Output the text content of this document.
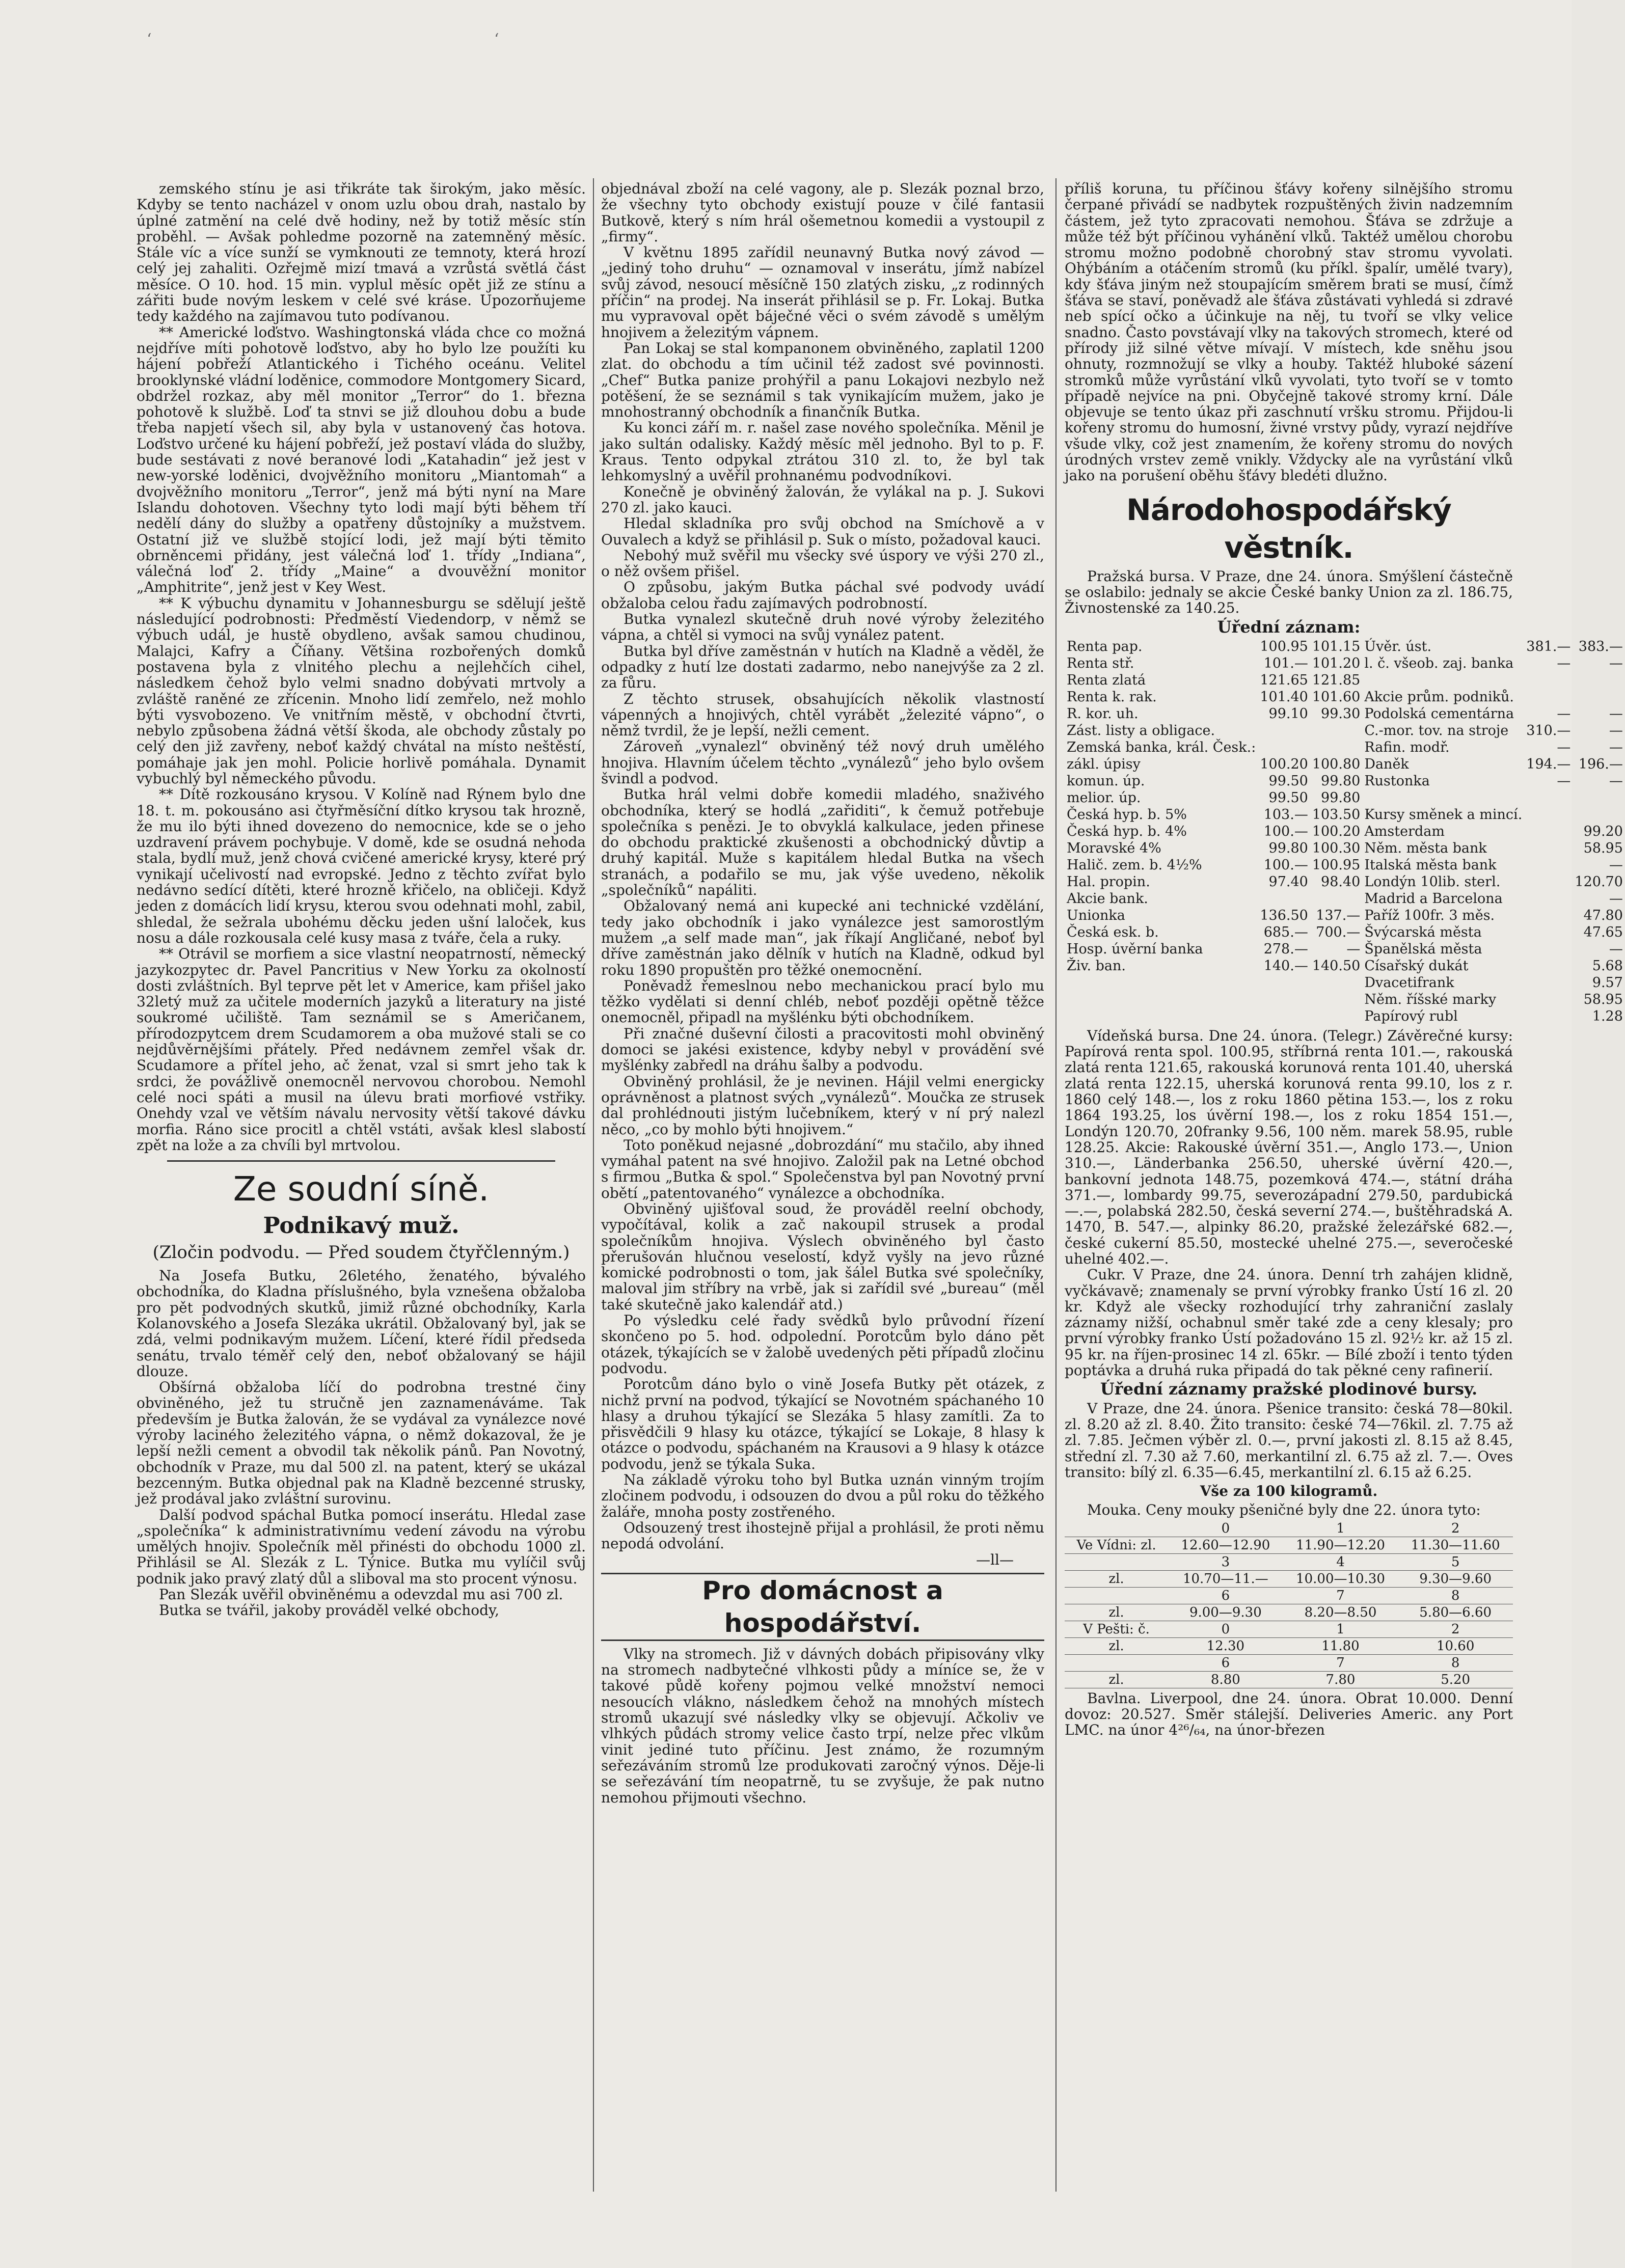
ʻ	ʻ

zemského stínu je asi třikráte tak širokým, jako měsíc. Kdyby se tento nacházel v onom uzlu obou drah, nastalo by úplné zatmění na celé dvě hodiny, než by totiž měsíc stín proběhl. — Avšak pohledme pozorně na zatemněný měsíc. Stále víc a více sunží se vymknouti ze temnoty, která hrozí celý jej zahaliti. Ozřejmě mizí tmavá a vzrůstá světlá část měsíce. O 10. hod. 15 min. vyplul měsíc opět již ze stínu a zářiti bude novým leskem v celé své kráse. Upozorňujeme tedy každého na zajímavou tuto podívanou.

** Americké loďstvo. Washingtonská vláda chce co možná nejdříve míti pohotově loďstvo, aby ho bylo lze použíti ku hájení pobřeží Atlantického i Tichého oceánu. Velitel brooklynské vládní loděnice, commodore Montgomery Sicard, obdržel rozkaz, aby měl monitor „Terror“ do 1. března pohotově k službě. Loď ta stnvi se již dlouhou dobu a bude třeba napjetí všech sil, aby byla v ustanovený čas hotova. Loďstvo určené ku hájení pobřeží, jež postaví vláda do služby, bude sestávati z nové beranové lodi „Katahadin“ jež jest v new-yorské loděnici, dvojvěžního monitoru „Miantomah“ a dvojvěžního monitoru „Terror“, jenž má býti nyní na Mare Islandu dohotoven. Všechny tyto lodi mají býti během tří nedělí dány do služby a opatřeny důstojníky a mužstvem. Ostatní již ve službě stojící lodi, jež mají býti těmito obrněncemi přidány, jest válečná loď 1. třídy „Indiana“, válečná loď 2. třídy „Maine“ a dvouvěžní monitor „Amphitrite“, jenž jest v Key West.

** K výbuchu dynamitu v Johannesburgu se sdělují ještě následující podrobnosti: Předměstí Viedendorp, v němž se výbuch udál, je hustě obydleno, avšak samou chudinou, Malajci, Kafry a Číňany. Většina rozbořených domků postavena byla z vlnitého plechu a nejlehčích cihel, následkem čehož bylo velmi snadno dobývati mrtvoly a zvláště raněné ze zřícenin. Mnoho lidí zemřelo, než mohlo býti vysvobozeno. Ve vnitřním městě, v obchodní čtvrti, nebylo způsobena žádná větší škoda, ale obchody zůstaly po celý den již zavřeny, neboť každý chvátal na místo neštěstí, pomáhaje jak jen mohl. Policie horlivě pomáhala. Dynamit vybuchlý byl německého původu.

** Dítě rozkousáno krysou. V Kolíně nad Rýnem bylo dne 18. t. m. pokousáno asi čtyřměsíční dítko krysou tak hrozně, že mu ilo býti ihned dovezeno do nemocnice, kde se o jeho uzdravení právem pochybuje. V domě, kde se osudná nehoda stala, bydlí muž, jenž chová cvičené americké krysy, které prý vynikají učelivostí nad evropské. Jedno z těchto zvířat bylo nedávno sedící dítěti, které hrozně křičelo, na obličeji. Když jeden z domácích lidí krysu, kterou svou odehnati mohl, zabil, shledal, že sežrala ubohému děcku jeden ušní laloček, kus nosu a dále rozkousala celé kusy masa z tváře, čela a ruky.

** Otrávil se morfiem a sice vlastní neopatrností, německý jazykozpytec dr. Pavel Pancritius v New Yorku za okolností dosti zvláštních. Byl teprve pět let v Americe, kam přišel jako 32letý muž za učitele moderních jazyků a literatury na jisté soukromé učiliště. Tam seznámil se s Američanem, přírodozpytcem drem Scudamorem a oba mužové stali se co nejdůvěrnějšími přátely. Před nedávnem zemřel však dr. Scudamore a přítel jeho, ač ženat, vzal si smrt jeho tak k srdci, že povážlivě onemocněl nervovou chorobou. Nemohl celé noci spáti a musil na úlevu brati morfiové vstřiky. Onehdy vzal ve větším návalu nervosity větší takové dávku morfia. Ráno sice procitl a chtěl vstáti, avšak klesl slabostí zpět na lože a za chvíli byl mrtvolou.

Ze soudní síně.
Podnikavý muž.
(Zločin podvodu. — Před soudem čtyřčlenným.)

Na Josefa Butku, 26letého, ženatého, bývalého obchodníka, do Kladna příslušného, byla vznešena obžaloba pro pět podvodných skutků, jimiž různé obchodníky, Karla Kolanovského a Josefa Slezáka ukrátil. Obžalovaný byl, jak se zdá, velmi podnikavým mužem. Líčení, které řídil předseda senátu, trvalo téměř celý den, neboť obžalovaný se hájil dlouze.

Obšírná obžaloba líčí do podrobna trestné činy obviněného, jež tu stručně jen zaznamenáváme. Tak především je Butka žalován, že se vydával za vynálezce nové výroby laciného železitého vápna, o němž dokazoval, že je lepší nežli cement a obvodil tak několik pánů. Pan Novotný, obchodník v Praze, mu dal 500 zl. na patent, který se ukázal bezcenným. Butka objednal pak na Kladně bezcenné strusky, jež prodával jako zvláštní surovinu.

Další podvod spáchal Butka pomocí inserátu. Hledal zase „společníka“ k administrativnímu vedení závodu na výrobu umělých hnojiv. Společník měl přinésti do obchodu 1000 zl. Přihlásil se Al. Slezák z L. Týnice. Butka mu vylíčil svůj podnik jako pravý zlatý důl a sliboval ma sto procent výnosu.

Pan Slezák uvěřil obviněnému a odevzdal mu asi 700 zl.

Butka se tvářil, jakoby prováděl velké obchody,

objednával zboží na celé vagony, ale p. Slezák poznal brzo, že všechny tyto obchody existují pouze v čilé fantasii Butkově, který s ním hrál ošemetnou komedii a vystoupil z „firmy“.

V květnu 1895 zařídil neunavný Butka nový závod — „jediný toho druhu“ — oznamoval v inserátu, jímž nabízel svůj závod, nesoucí měsíčně 150 zlatých zisku, „z rodinných příčin“ na prodej. Na inserát přihlásil se p. Fr. Lokaj. Butka mu vypravoval opět báječné věci o svém závodě s umělým hnojivem a železitým vápnem.

Pan Lokaj se stal kompanonem obviněného, zaplatil 1200 zlat. do obchodu a tím učinil též zadost své povinnosti. „Chef“ Butka panize prohýřil a panu Lokajovi nezbylo než potěšení, že se seznámil s tak vynikajícím mužem, jako je mnohostranný obchodník a finančník Butka.

Ku konci září m. r. našel zase nového společníka. Měnil je jako sultán odalisky. Každý měsíc měl jednoho. Byl to p. F. Kraus. Tento odpykal ztrátou 310 zl. to, že byl tak lehkomyslný a uvěřil prohnanému podvodníkovi.

Konečně je obviněný žalován, že vylákal na p. J. Sukovi 270 zl. jako kauci.

Hledal skladníka pro svůj obchod na Smíchově a v Ouvalech a když se přihlásil p. Suk o místo, požadoval kauci.

Nebohý muž svěřil mu všecky své úspory ve výši 270 zl., o něž ovšem přišel.

O způsobu, jakým Butka páchal své podvody uvádí obžaloba celou řadu zajímavých podrobností.

Butka vynalezl skutečně druh nové výroby železitého vápna, a chtěl si vymoci na svůj vynález patent.

Butka byl dříve zaměstnán v hutích na Kladně a věděl, že odpadky z hutí lze dostati zadarmo, nebo nanejvýše za 2 zl. za fůru.

Z těchto strusek, obsahujících několik vlastností vápenných a hnojivých, chtěl vyrábět „železité vápno“, o němž tvrdil, že je lepší, nežli cement.

Zároveň „vynalezl“ obviněný též nový druh umělého hnojiva. Hlavním účelem těchto „vynálezů“ jeho bylo ovšem švindl a podvod.

Butka hrál velmi dobře komedii mladého, snaživého obchodníka, který se hodlá „zařiditi“, k čemuž potřebuje společníka s penězi. Je to obvyklá kalkulace, jeden přinese do obchodu praktické zkušenosti a obchodnický důvtip a druhý kapitál. Muže s kapitálem hledal Butka na všech stranách, a podařilo se mu, jak výše uvedeno, několik „společníků“ napáliti.

Obžalovaný nemá ani kupecké ani technické vzdělání, tedy jako obchodník i jako vynálezce jest samorostlým mužem „a self made man“, jak říkají Angličané, neboť byl dříve zaměstnán jako dělník v hutích na Kladně, odkud byl roku 1890 propuštěn pro těžké onemocnění.

Poněvadž řemeslnou nebo mechanickou prací bylo mu těžko vydělati si denní chléb, neboť později opětně těžce onemocněl, připadl na myšlénku býti obchodníkem.

Při značné duševní čilosti a pracovitosti mohl obviněný domoci se jakési existence, kdyby nebyl v provádění své myšlénky zabředl na dráhu šalby a podvodu.

Obviněný prohlásil, že je nevinen. Hájil velmi energicky oprávněnost a platnost svých „vynálezů“. Moučka ze strusek dal prohlédnouti jistým lučebníkem, který v ní prý nalezl něco, „co by mohlo býti hnojivem.“

Toto poněkud nejasné „dobrozdání“ mu stačilo, aby ihned vymáhal patent na své hnojivo. Založil pak na Letné obchod s firmou „Butka & spol.“ Společenstva byl pan Novotný první obětí „patentovaného“ vynálezce a obchodníka.

Obviněný ujišťoval soud, že prováděl reelní obchody, vypočítával, kolik a zač nakoupil strusek a prodal společníkům hnojiva. Výslech obviněného byl často přerušován hlučnou veselostí, když vyšly na jevo různé komické podrobnosti o tom, jak šálel Butka své společníky, maloval jim stříbry na vrbě, jak si zařídil své „bureau“ (měl také skutečně jako kalendář atd.)

Po výsledku celé řady svědků bylo průvodní řízení skončeno po 5. hod. odpolední. Porotcům bylo dáno pět otázek, týkajících se v žalobě uvedených pěti případů zločinu podvodu.

Porotcům dáno bylo o vině Josefa Butky pět otázek, z nichž první na podvod, týkající se Novotném spáchaného 10 hlasy a druhou týkající se Slezáka 5 hlasy zamítli. Za to přisvědčili 9 hlasy ku otázce, týkající se Lokaje, 8 hlasy k otázce o podvodu, spáchaném na Krausovi a 9 hlasy k otázce podvodu, jenž se týkala Suka.

Na základě výroku toho byl Butka uznán vinným trojím zločinem podvodu, i odsouzen do dvou a půl roku do těžkého žaláře, mnoha posty zostřeného.

Odsouzený trest ihostejně přijal a prohlásil, že proti němu nepodá odvolání.

—ll—
Pro domácnost a hospodářství.

Vlky na stromech. Již v dávných dobách připisovány vlky na stromech nadbytečné vlhkosti půdy a míníce se, že v takové půdě kořeny pojmou velké množství nemoci nesoucích vlákno, následkem čehož na mnohých místech stromů ukazují své následky vlky se objevují. Ačkoliv ve vlhkých půdách stromy velice často trpí, nelze přec vlkům vinit jediné tuto příčinu. Jest známo, že rozumným seřezáváním stromů lze produkovati zaročný výnos. Děje-li se seřezávání tím neopatrně, tu se zvyšuje, že pak nutno nemohou přijmouti všechno.

příliš koruna, tu příčinou šťávy kořeny silnějšího stromu čerpané přivádí se nadbytek rozpuštěných živin nadzemním částem, jež tyto zpracovati nemohou. Šťáva se zdržuje a může též být příčinou vyhánění vlků. Taktéž umělou chorobu stromu možno podobně chorobný stav stromu vyvolati. Ohýbáním a otáčením stromů (ku příkl. špalír, umělé tvary), kdy šťáva jiným než stoupajícím směrem brati se musí, čímž šťáva se staví, poněvadž ale šťáva zůstávati vyhledá si zdravé neb spící očko a účinkuje na něj, tu tvoří se vlky velice snadno. Často povstávají vlky na takových stromech, které od přírody již silné větve mívají. V místech, kde sněhu jsou ohnuty, rozmnožují se vlky a houby. Taktéž hluboké sázení stromků může vyrůstání vlků vyvolati, tyto tvoří se v tomto případě nejvíce na pni. Obyčejně takové stromy krní. Dále objevuje se tento úkaz při zaschnutí vršku stromu. Přijdou-li kořeny stromu do humosní, živné vrstvy půdy, vyrazí nejdříve všude vlky, což jest znamením, že kořeny stromu do nových úrodných vrstev země vnikly. Vždycky ale na vyrůstání vlků jako na porušení oběhu šťávy bledéti dlužno.

Národohospodářský věstník.

Pražská bursa. V Praze, dne 24. února. Smýšlení částečně se oslabilo: jednaly se akcie České banky Union za zl. 186.75, Živnostenské za 140.25.

Úřední záznam:
Renta pap.	100.95	101.15	Úvěr. úst.	381.—	383.—
Renta stř.	101.—	101.20	l. č. všeob. zaj. banka	—	—
Renta zlatá	121.65	121.85			
Renta k. rak.	101.40	101.60	Akcie prům. podniků.		
R. kor. uh.	99.10	99.30	Podolská cementárna	—	—
Zást. listy a obligace.			C.-mor. tov. na stroje	310.—	—
Zemská banka, král. Česk.:			Rafin. modř.	—	—
zákl. úpisy	100.20	100.80	Daněk	194.—	196.—
komun. úp.	99.50	99.80	Rustonka	—	—
melior. úp.	99.50	99.80			
Česká hyp. b. 5%	103.—	103.50	Kursy směnek a mincí.		
Česká hyp. b. 4%	100.—	100.20	Amsterdam		99.20
Moravské 4%	99.80	100.30	Něm. města bank		58.95
Halič. zem. b. 4½%	100.—	100.95	Italská města bank		—
Hal. propin.	97.40	98.40	Londýn 10lib. sterl.		120.70
Akcie bank.			Madrid a Barcelona		—
Unionka	136.50	137.—	Paříž 100fr. 3 měs.		47.80
Česká esk. b.	685.—	700.—	Švýcarská města		47.65
Hosp. úvěrní banka	278.—	—	Španělská města		—
Živ. ban.	140.—	140.50	Císařský dukát		5.68
			Dvacetifrank		9.57
			Něm. říšské marky		58.95
			Papírový rubl		1.28

Vídeňská bursa. Dne 24. února. (Telegr.) Závěrečné kursy: Papírová renta spol. 100.95, stříbrná renta 101.—, rakouská zlatá renta 121.65, rakouská korunová renta 101.40, uherská zlatá renta 122.15, uherská korunová renta 99.10, los z r. 1860 celý 148.—, los z roku 1860 pětina 153.—, los z roku 1864 193.25, los úvěrní 198.—, los z roku 1854 151.—, Londýn 120.70, 20franky 9.56, 100 něm. marek 58.95, ruble 128.25. Akcie: Rakouské úvěrní 351.—, Anglo 173.—, Union 310.—, Länderbanka 256.50, uherské úvěrní 420.—, bankovní jednota 148.75, pozemková 474.—, státní dráha 371.—, lombardy 99.75, severozápadní 279.50, pardubická —.—, polabská 282.50, česká severní 274.—, buštěhradská A. 1470, B. 547.—, alpinky 86.20, pražské železářské 682.—, české cukerní 85.50, mostecké uhelné 275.—, severočeské uhelné 402.—.

Cukr. V Praze, dne 24. února. Denní trh zahájen klidně, vyčkávavě; znamenaly se první výrobky franko Ústí 16 zl. 20 kr. Když ale všecky rozhodující trhy zahraniční zaslaly záznamy nižší, ochabnul směr také zde a ceny klesaly; pro první výrobky franko Ústí požadováno 15 zl. 92½ kr. až 15 zl. 95 kr. na říjen-prosinec 14 zl. 65kr. — Bílé zboží i tento týden poptávka a druhá rukа připadá do tak pěkné ceny rafinerií.

Úřední záznamy pražské plodinové bursy.

V Praze, dne 24. února. Pšenice transito: česká 78—80kil. zl. 8.20 až zl. 8.40. Žito transito: české 74—76kil. zl. 7.75 až zl. 7.85. Ječmen výběr zl. 0.—, první jakosti zl. 8.15 až 8.45, střední zl. 7.30 až 7.60, merkantilní zl. 6.75 až zl. 7.—. Oves transito: bílý zl. 6.35—6.45, merkantilní zl. 6.15 až 6.25.

Vše za 100 kilogramů.

Mouka. Ceny mouky pšeničné byly dne 22. února tyto:

	0	1	2
Ve Vídni: zl.	12.60—12.90	11.90—12.20	11.30—11.60
	3	4	5
zl.	10.70—11.—	10.00—10.30	9.30—9.60
	6	7	8
zl.	9.00—9.30	8.20—8.50	5.80—6.60
V Pešti: č.	0	1	2
zl.	12.30	11.80	10.60
	6	7	8
zl.	8.80	7.80	5.20

Bavlna. Liverpool, dne 24. února. Obrat 10.000. Denní dovoz: 20.527. Směr stálejší. Deliveries Americ. any Port LMC. na únor 4²⁶/₆₄, na únor-březen
